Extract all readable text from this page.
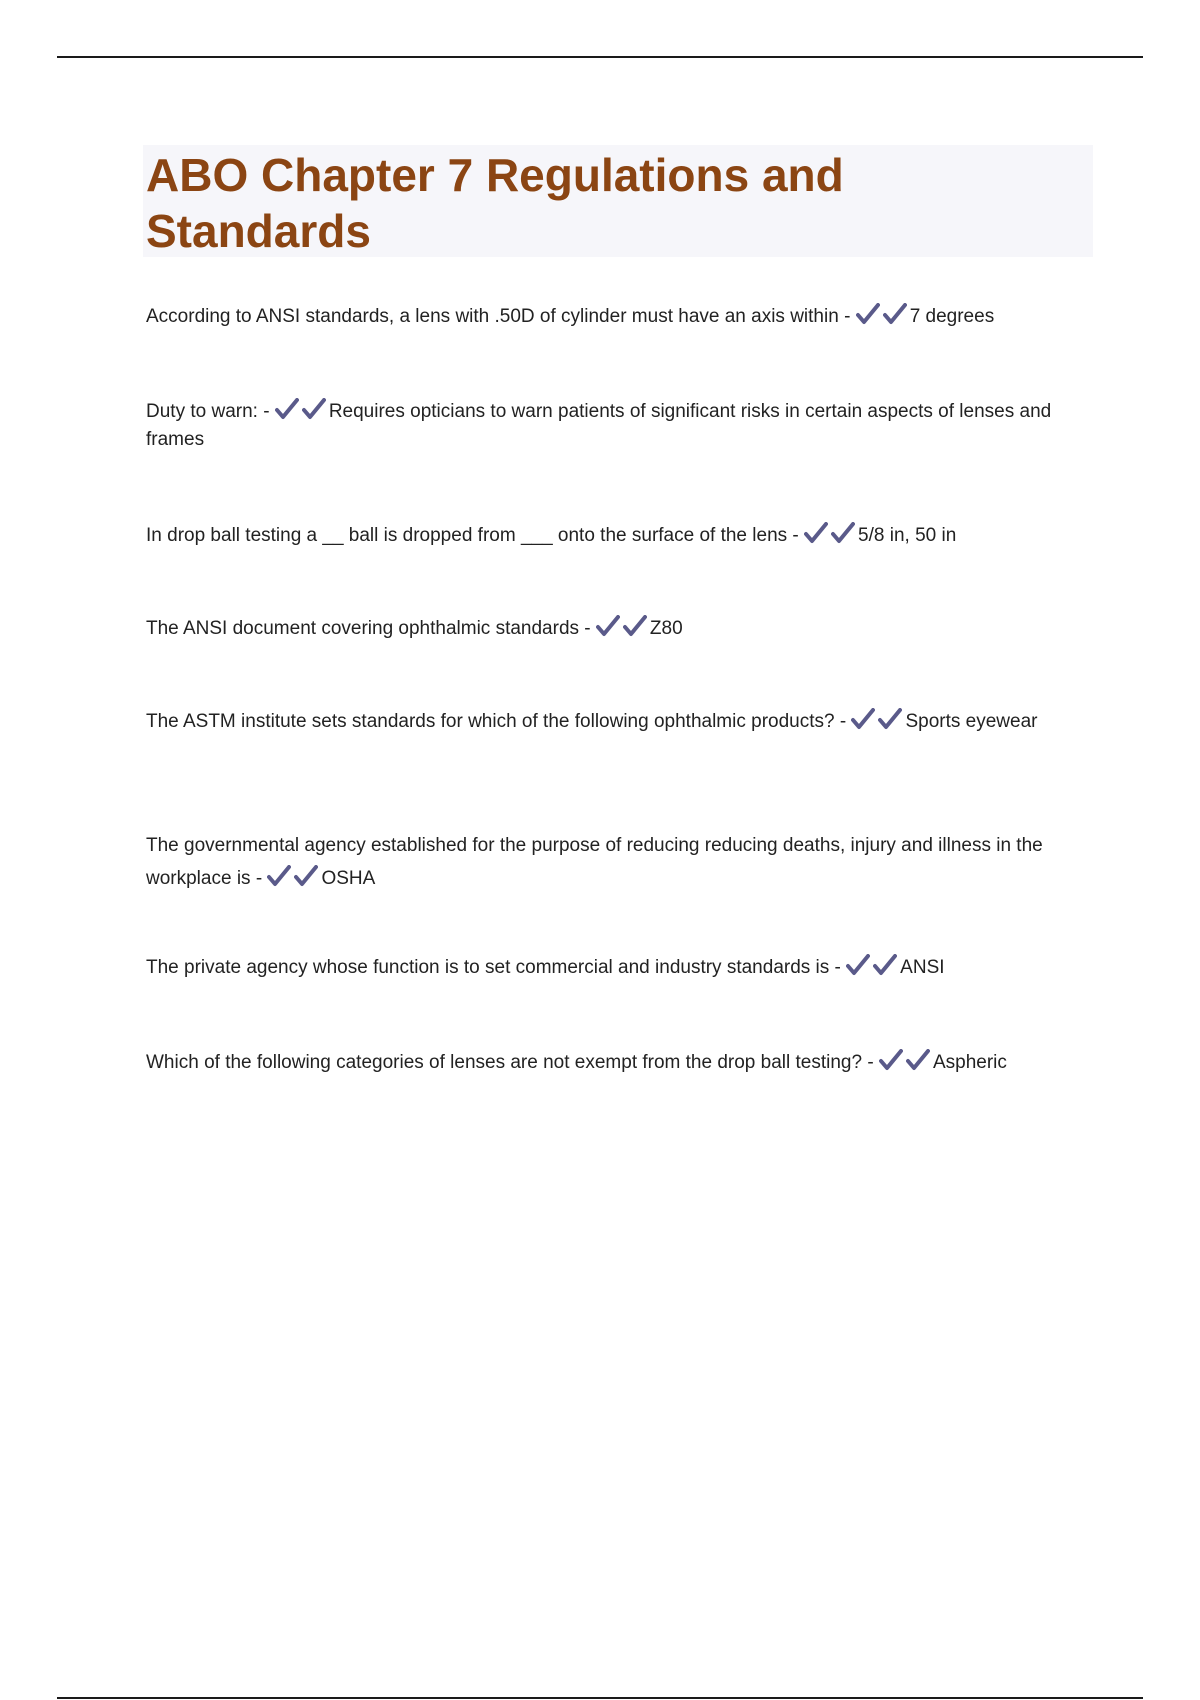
ABO Chapter 7 Regulations and
Standards

According to ANSI standards, a lens with .50D of cylinder must have an axis within -	7 degrees

Duty to warn: -	Requires opticians to warn patients of significant risks in certain aspects of lenses and frames

In drop ball testing a __ ball is dropped from ___ onto the surface of the lens -	5/8 in, 50 in

The ANSI document covering ophthalmic standards -	Z80

The ASTM institute sets standards for which of the following ophthalmic products? -	Sports eyewear

The governmental agency established for the purpose of reducing reducing deaths, injury and illness in the workplace is -	OSHA

The private agency whose function is to set commercial and industry standards is -	ANSI

Which of the following categories of lenses are not exempt from the drop ball testing? -	Aspheric
